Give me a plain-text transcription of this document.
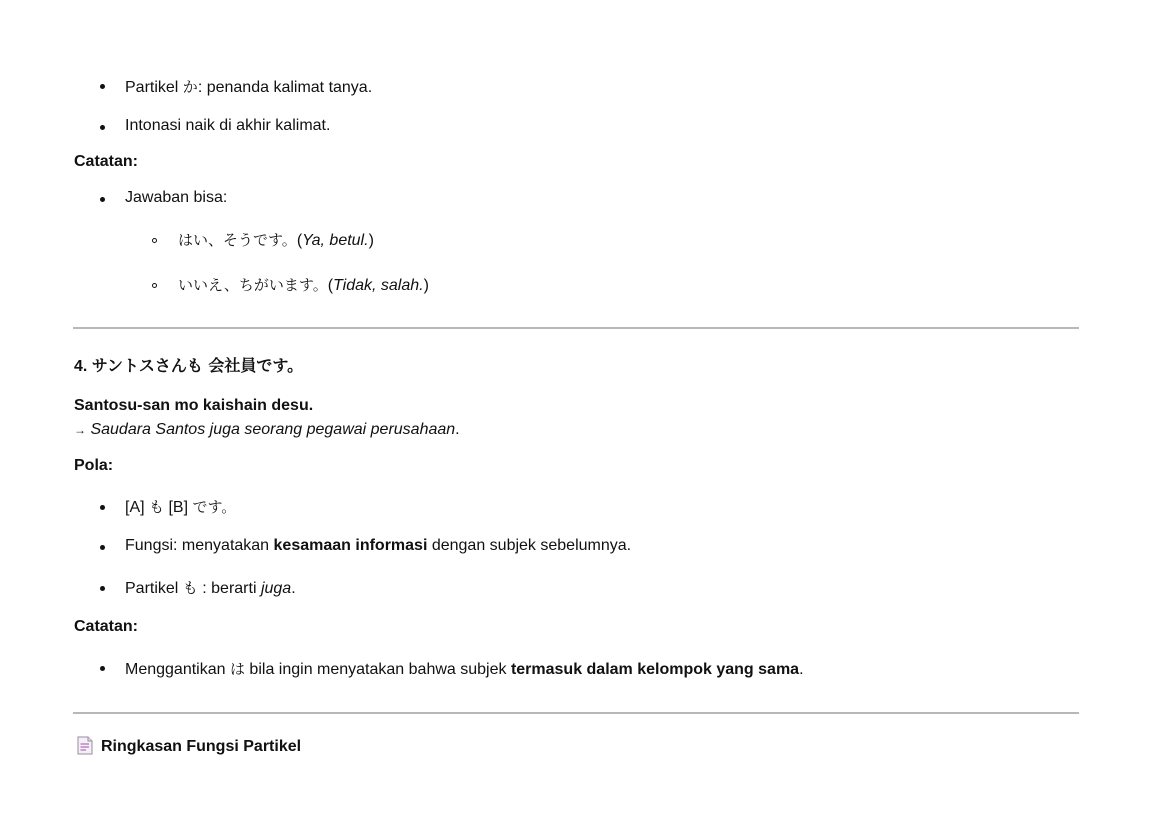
Partikel か: penanda kalimat tanya.
Intonasi naik di akhir kalimat.
Catatan:
Jawaban bisa:
はい、そうです。(Ya, betul.)
いいえ、ちがいます。(Tidak, salah.)
4. サントスさんも 会社員です。
Santosu-san mo kaishain desu.
→ Saudara Santos juga seorang pegawai perusahaan.
Pola:
[A] も [B] です。
Fungsi: menyatakan kesamaan informasi dengan subjek sebelumnya.
Partikel も : berarti juga.
Catatan:
Menggantikan は bila ingin menyatakan bahwa subjek termasuk dalam kelompok yang sama.
Ringkasan Fungsi Partikel
